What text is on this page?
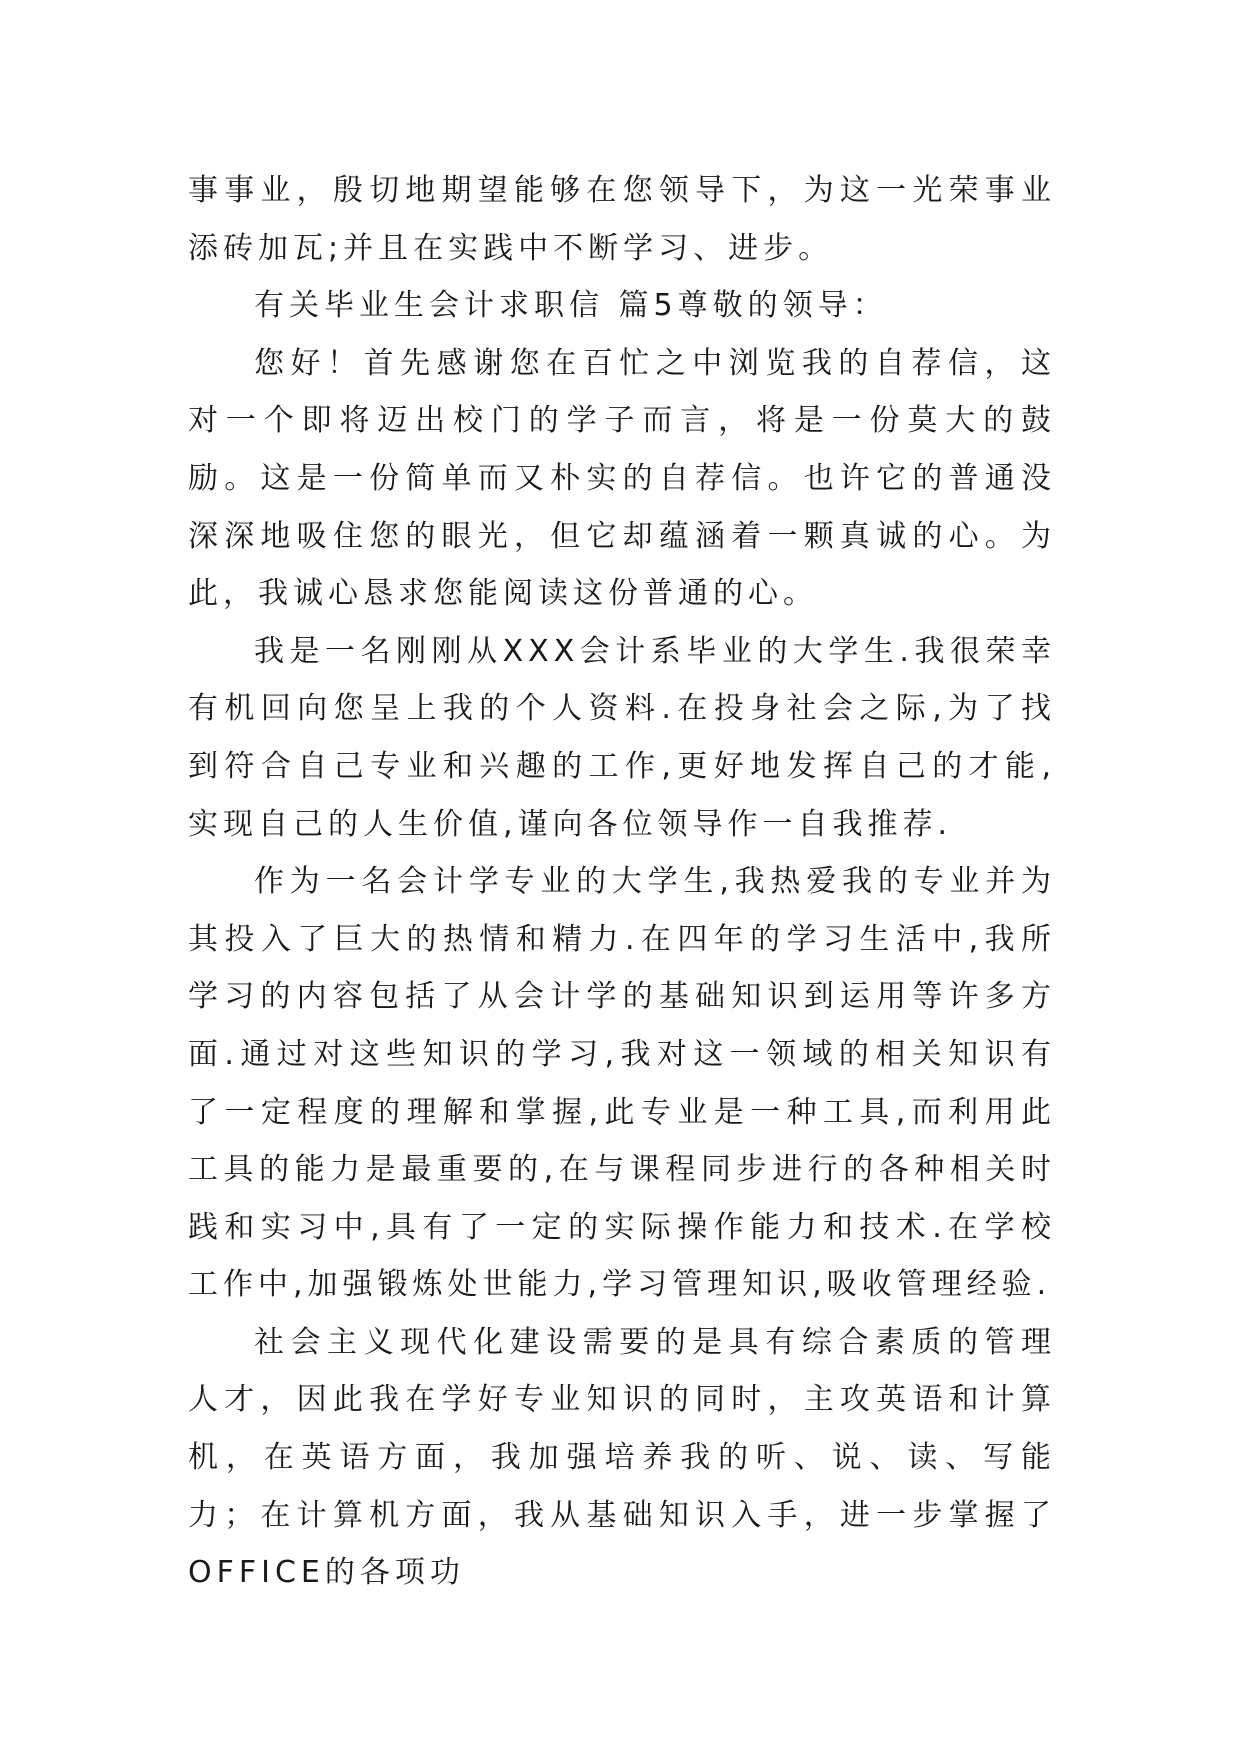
事事业，殷切地期望能够在您领导下，为这一光荣事业添砖加瓦;并且在实践中不断学习、进步。

有关毕业生会计求职信 篇5尊敬的领导：

您好！首先感谢您在百忙之中浏览我的自荐信，这对一个即将迈出校门的学子而言，将是一份莫大的鼓励。这是一份简单而又朴实的自荐信。也许它的普通没深深地吸住您的眼光，但它却蕴涵着一颗真诚的心。为此，我诚心恳求您能阅读这份普通的心。

我是一名刚刚从XXX会计系毕业的大学生.我很荣幸有机回向您呈上我的个人资料.在投身社会之际,为了找到符合自己专业和兴趣的工作,更好地发挥自己的才能,实现自己的人生价值,谨向各位领导作一自我推荐.

作为一名会计学专业的大学生,我热爱我的专业并为其投入了巨大的热情和精力.在四年的学习生活中,我所学习的内容包括了从会计学的基础知识到运用等许多方面.通过对这些知识的学习,我对这一领域的相关知识有了一定程度的理解和掌握,此专业是一种工具,而利用此工具的能力是最重要的,在与课程同步进行的各种相关时践和实习中,具有了一定的实际操作能力和技术.在学校工作中,加强锻炼处世能力,学习管理知识,吸收管理经验.

社会主义现代化建设需要的是具有综合素质的管理人才，因此我在学好专业知识的同时，主攻英语和计算机，在英语方面，我加强培养我的听、说、读、写能力；在计算机方面，我从基础知识入手，进一步掌握了OFFICE的各项功
